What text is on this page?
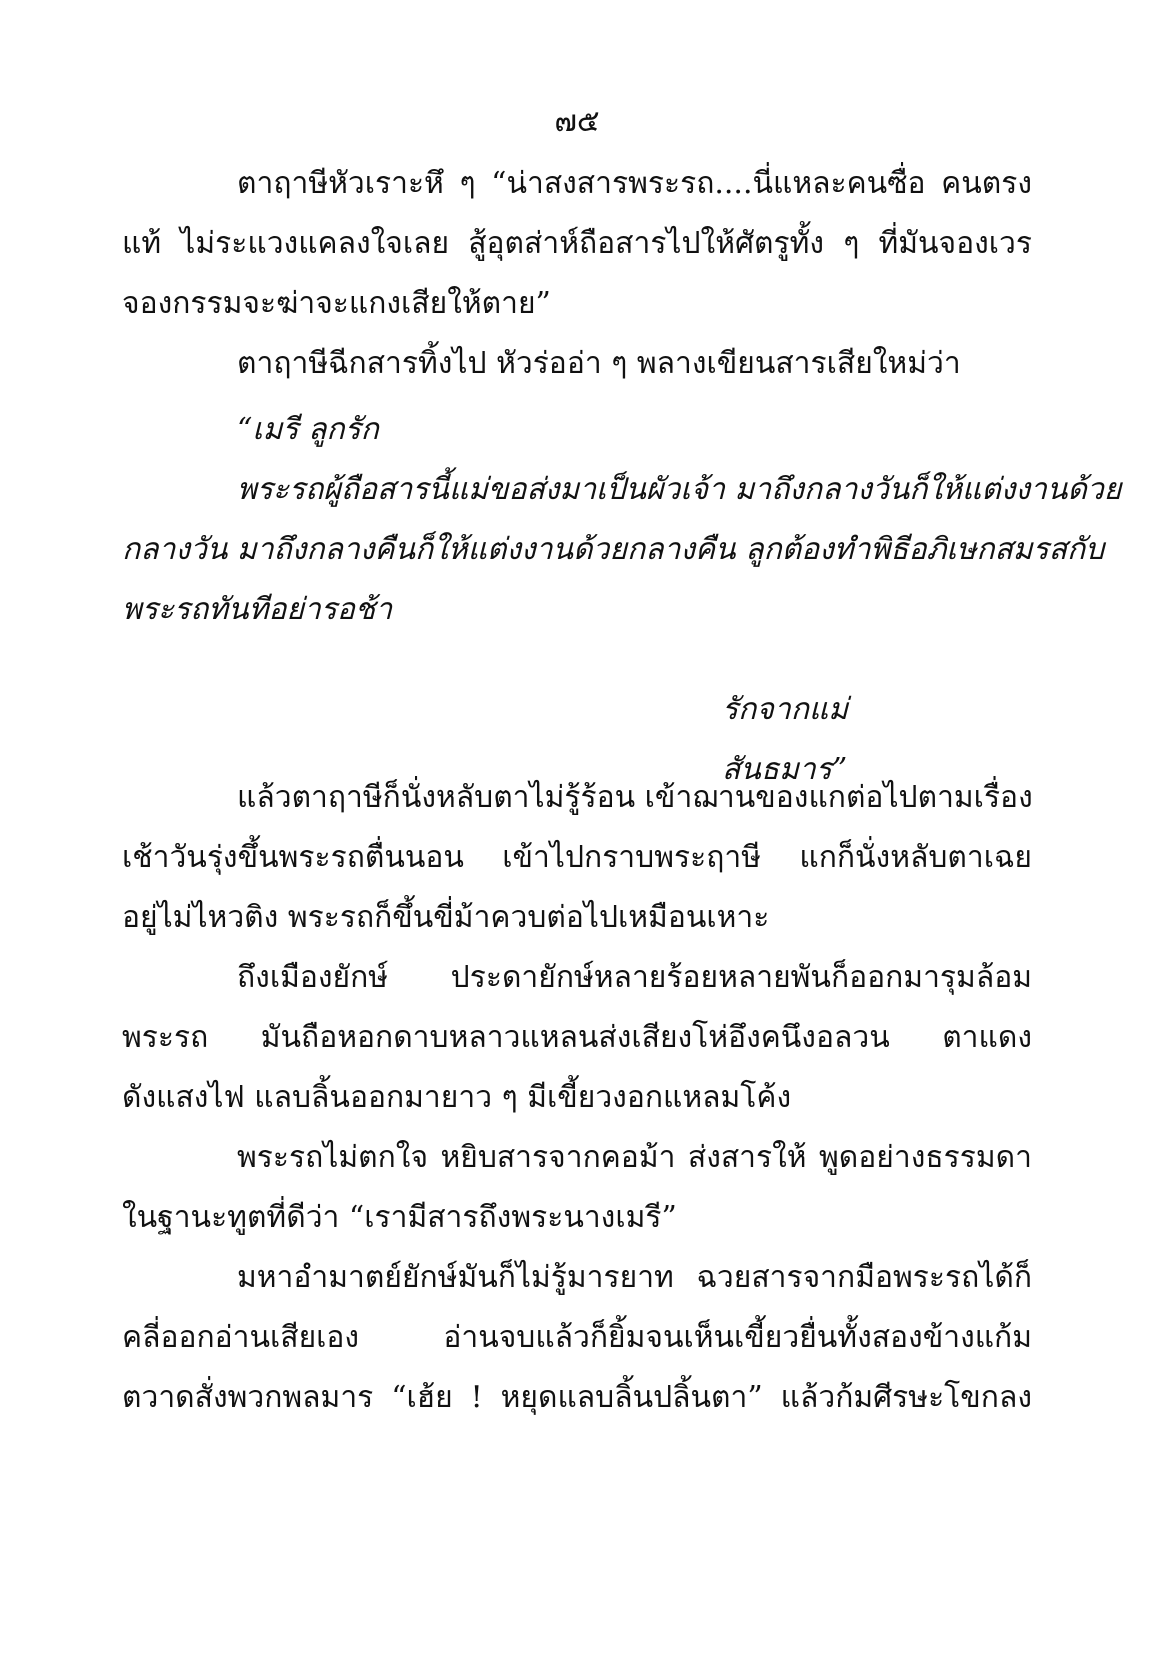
๗๕
ตาฤาษีหัวเราะหึ ๆ “น่าสงสารพระรถ....นี่แหละคนซื่อ คนตรง
แท้ ไม่ระแวงแคลงใจเลย สู้อุตส่าห์ถือสารไปให้ศัตรูทั้ง ๆ ที่มันจองเวร
จองกรรมจะฆ่าจะแกงเสียให้ตาย”
ตาฤาษีฉีกสารทิ้งไป หัวร่ออ่า ๆ พลางเขียนสารเสียใหม่ว่า
“เมรี ลูกรัก
พระรถผู้ถือสารนี้แม่ขอส่งมาเป็นผัวเจ้า มาถึงกลางวันก็ให้แต่งงานด้วย
กลางวัน มาถึงกลางคืนก็ให้แต่งงานด้วยกลางคืน ลูกต้องทำพิธีอภิเษกสมรสกับ
พระรถทันทีอย่ารอช้า
รักจากแม่
สันธมาร”
แล้วตาฤาษีก็นั่งหลับตาไม่รู้ร้อน เข้าฌานของแกต่อไปตามเรื่อง
เช้าวันรุ่งขึ้นพระรถตื่นนอน เข้าไปกราบพระฤาษี แกก็นั่งหลับตาเฉย
อยู่ไม่ไหวติง พระรถก็ขึ้นขี่ม้าควบต่อไปเหมือนเหาะ
ถึงเมืองยักษ์ ประดายักษ์หลายร้อยหลายพันก็ออกมารุมล้อม
พระรถ มันถือหอกดาบหลาวแหลนส่งเสียงโห่อึงคนึงอลวน ตาแดง
ดังแสงไฟ แลบลิ้นออกมายาว ๆ มีเขี้ยวงอกแหลมโค้ง
พระรถไม่ตกใจ หยิบสารจากคอม้า ส่งสารให้ พูดอย่างธรรมดา
ในฐานะทูตที่ดีว่า “เรามีสารถึงพระนางเมรี”
มหาอำมาตย์ยักษ์มันก็ไม่รู้มารยาท ฉวยสารจากมือพระรถได้ก็
คลี่ออกอ่านเสียเอง อ่านจบแล้วก็ยิ้มจนเห็นเขี้ยวยื่นทั้งสองข้างแก้ม
ตวาดสั่งพวกพลมาร “เฮ้ย ! หยุดแลบลิ้นปลิ้นตา” แล้วก้มศีรษะโขกลง
